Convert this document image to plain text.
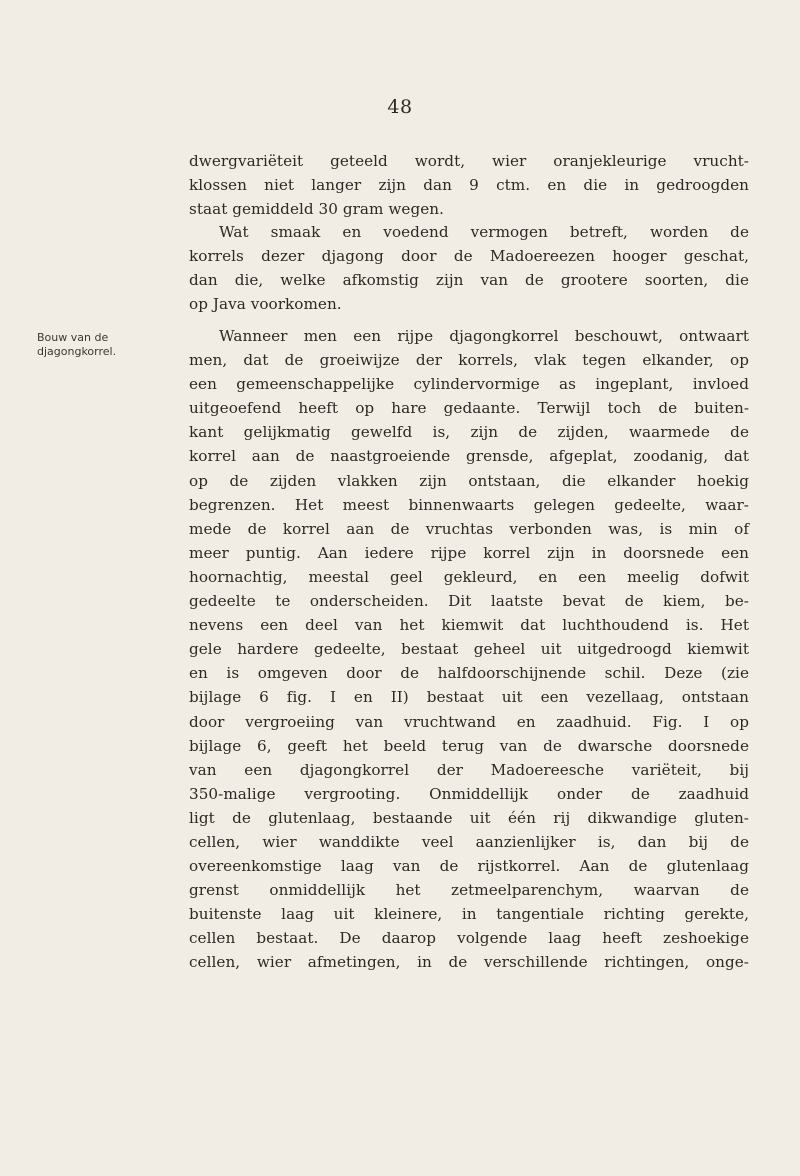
48
Bouw van de
djagongkorrel.
dwergvariëteit geteeld wordt, wier oranjekleurige vrucht-
klossen niet langer zijn dan 9 ctm. en die in gedroogden
staat gemiddeld 30 gram wegen.
Wat smaak en voedend vermogen betreft, worden de
korrels dezer djagong door de Madoereezen hooger geschat,
dan die, welke afkomstig zijn van de grootere soorten, die
op Java voorkomen.
Wanneer men een rijpe djagongkorrel beschouwt, ontwaart
men, dat de groeiwijze der korrels, vlak tegen elkander, op
een gemeenschappelijke cylindervormige as ingeplant, invloed
uitgeoefend heeft op hare gedaante. Terwijl toch de buiten-
kant gelijkmatig gewelfd is, zijn de zijden, waarmede de
korrel aan de naastgroeiende grensde, afgeplat, zoodanig, dat
op de zijden vlakken zijn ontstaan, die elkander hoekig
begrenzen. Het meest binnenwaarts gelegen gedeelte, waar-
mede de korrel aan de vruchtas verbonden was, is min of
meer puntig. Aan iedere rijpe korrel zijn in doorsnede een
hoornachtig, meestal geel gekleurd, en een meelig dofwit
gedeelte te onderscheiden. Dit laatste bevat de kiem, be-
nevens een deel van het kiemwit dat luchthoudend is. Het
gele hardere gedeelte, bestaat geheel uit uitgedroogd kiemwit
en is omgeven door de halfdoorschijnende schil. Deze (zie
bijlage 6 fig. I en II) bestaat uit een vezellaag, ontstaan
door vergroeiing van vruchtwand en zaadhuid. Fig. I op
bijlage 6, geeft het beeld terug van de dwarsche doorsnede
van een djagongkorrel der Madoereesche variëteit, bij
350-malige vergrooting. Onmiddellijk onder de zaadhuid
ligt de glutenlaag, bestaande uit één rij dikwandige gluten-
cellen, wier wanddikte veel aanzienlijker is, dan bij de
overeenkomstige laag van de rijstkorrel. Aan de glutenlaag
grenst onmiddellijk het zetmeelparenchym, waarvan de
buitenste laag uit kleinere, in tangentiale richting gerekte,
cellen bestaat. De daarop volgende laag heeft zeshoekige
cellen, wier afmetingen, in de verschillende richtingen, onge-
